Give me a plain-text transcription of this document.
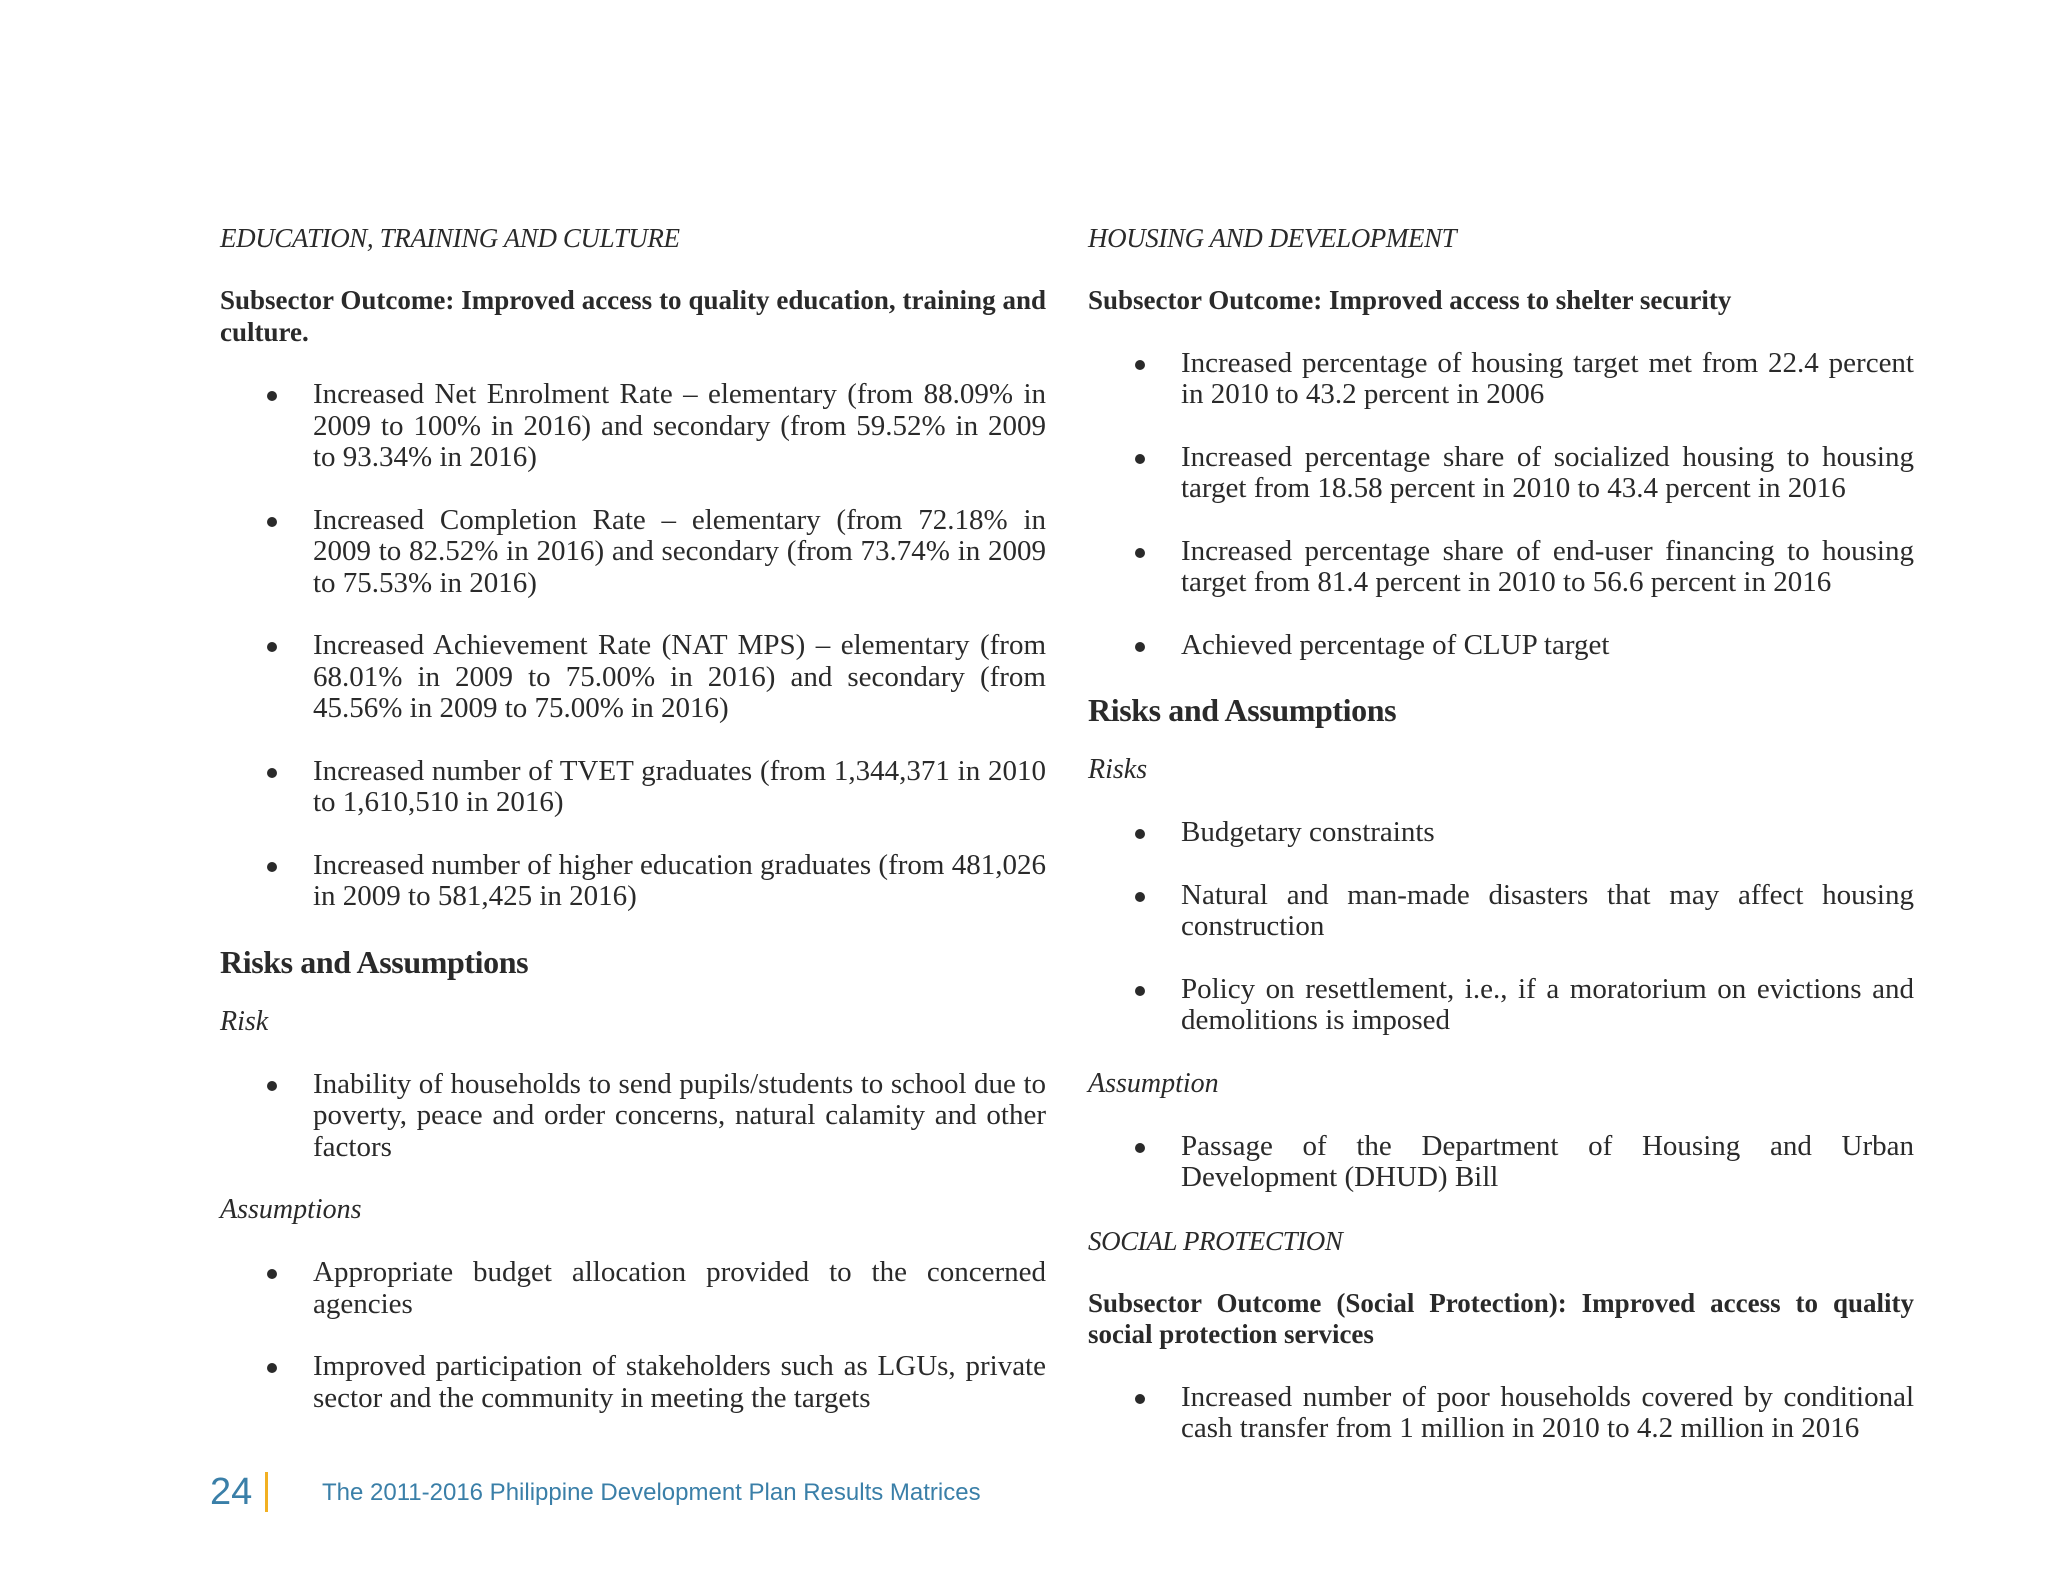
EDUCATION, TRAINING AND CULTURE
Subsector Outcome: Improved access to quality education, training and culture.
Increased Net Enrolment Rate – elementary (from 88.09% in 2009 to 100% in 2016) and secondary (from 59.52% in 2009 to 93.34% in 2016)
Increased Completion Rate – elementary (from 72.18% in 2009 to 82.52% in 2016) and secondary (from 73.74% in 2009 to 75.53% in 2016)
Increased Achievement Rate (NAT MPS) – elementary (from 68.01% in 2009 to 75.00% in 2016) and secondary (from 45.56% in 2009 to 75.00% in 2016)
Increased number of TVET graduates (from 1,344,371 in 2010 to 1,610,510 in 2016)
Increased number of higher education graduates (from 481,026 in 2009 to 581,425 in 2016)
Risks and Assumptions
Risk
Inability of households to send pupils/students to school due to poverty, peace and order concerns, natural calamity and other factors
Assumptions
Appropriate budget allocation provided to the concerned agencies
Improved participation of stakeholders such as LGUs, private sector and the community in meeting the targets
HOUSING AND DEVELOPMENT
Subsector Outcome: Improved access to shelter security
Increased percentage of housing target met from 22.4 percent in 2010 to 43.2 percent in 2006
Increased percentage share of socialized housing to housing target from 18.58 percent in 2010 to 43.4 percent in 2016
Increased percentage share of end-user financing to housing target from 81.4 percent in 2010 to 56.6 percent in 2016
Achieved percentage of CLUP target
Risks and Assumptions
Risks
Budgetary constraints
Natural and man-made disasters that may affect housing construction
Policy on resettlement, i.e., if a moratorium on evictions and demolitions is imposed
Assumption
Passage of the Department of Housing and Urban Development (DHUD) Bill
SOCIAL PROTECTION
Subsector Outcome (Social Protection): Improved access to quality social protection services
Increased number of poor households covered by conditional cash transfer from 1 million in 2010 to 4.2 million in 2016
24	The 2011-2016 Philippine Development Plan Results Matrices
